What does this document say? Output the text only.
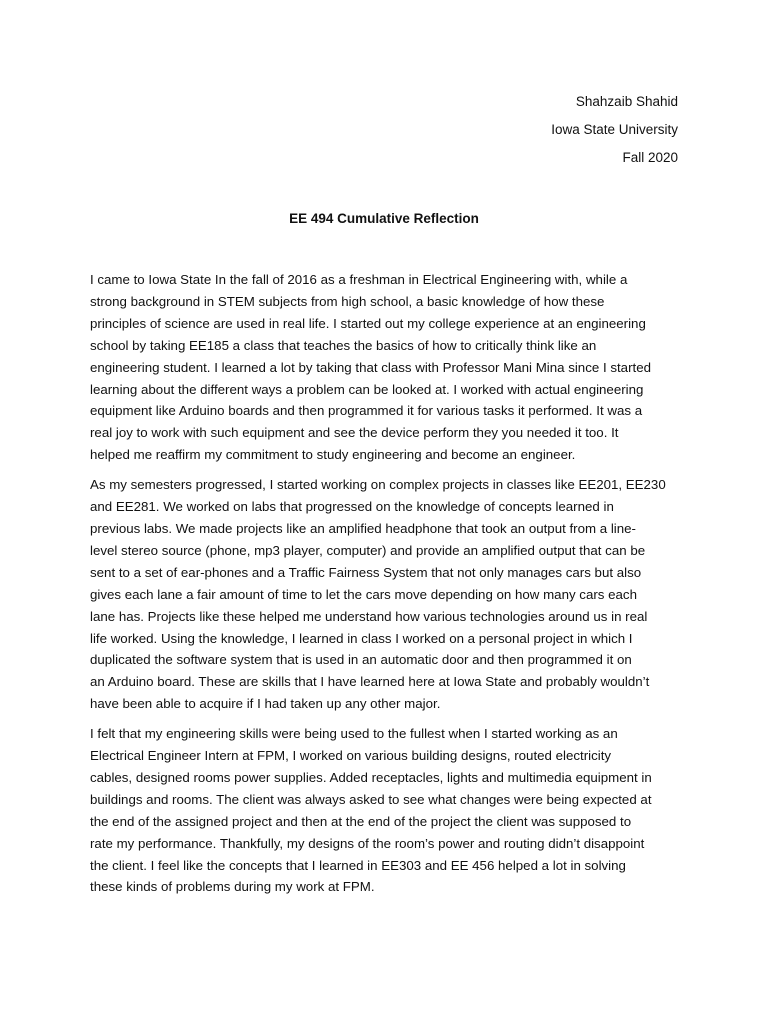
Shahzaib Shahid
Iowa State University
Fall 2020
EE 494 Cumulative Reflection
I came to Iowa State In the fall of 2016 as a freshman in Electrical Engineering with, while a
strong background in STEM subjects from high school, a basic knowledge of how these
principles of science are used in real life. I started out my college experience at an engineering
school by taking EE185 a class that teaches the basics of how to critically think like an
engineering student. I learned a lot by taking that class with Professor Mani Mina since I started
learning about the different ways a problem can be looked at. I worked with actual engineering
equipment like Arduino boards and then programmed it for various tasks it performed. It was a
real joy to work with such equipment and see the device perform they you needed it too. It
helped me reaffirm my commitment to study engineering and become an engineer.
As my semesters progressed, I started working on complex projects in classes like EE201, EE230
and EE281. We worked on labs that progressed on the knowledge of concepts learned in
previous labs. We made projects like an amplified headphone that took an output from a line-
level stereo source (phone, mp3 player, computer) and provide an amplified output that can be
sent to a set of ear-phones and a Traffic Fairness System that not only manages cars but also
gives each lane a fair amount of time to let the cars move depending on how many cars each
lane has. Projects like these helped me understand how various technologies around us in real
life worked. Using the knowledge, I learned in class I worked on a personal project in which I
duplicated the software system that is used in an automatic door and then programmed it on
an Arduino board. These are skills that I have learned here at Iowa State and probably wouldn’t
have been able to acquire if I had taken up any other major.
I felt that my engineering skills were being used to the fullest when I started working as an
Electrical Engineer Intern at FPM, I worked on various building designs, routed electricity
cables, designed rooms power supplies. Added receptacles, lights and multimedia equipment in
buildings and rooms. The client was always asked to see what changes were being expected at
the end of the assigned project and then at the end of the project the client was supposed to
rate my performance. Thankfully, my designs of the room’s power and routing didn’t disappoint
the client. I feel like the concepts that I learned in EE303 and EE 456 helped a lot in solving
these kinds of problems during my work at FPM.
